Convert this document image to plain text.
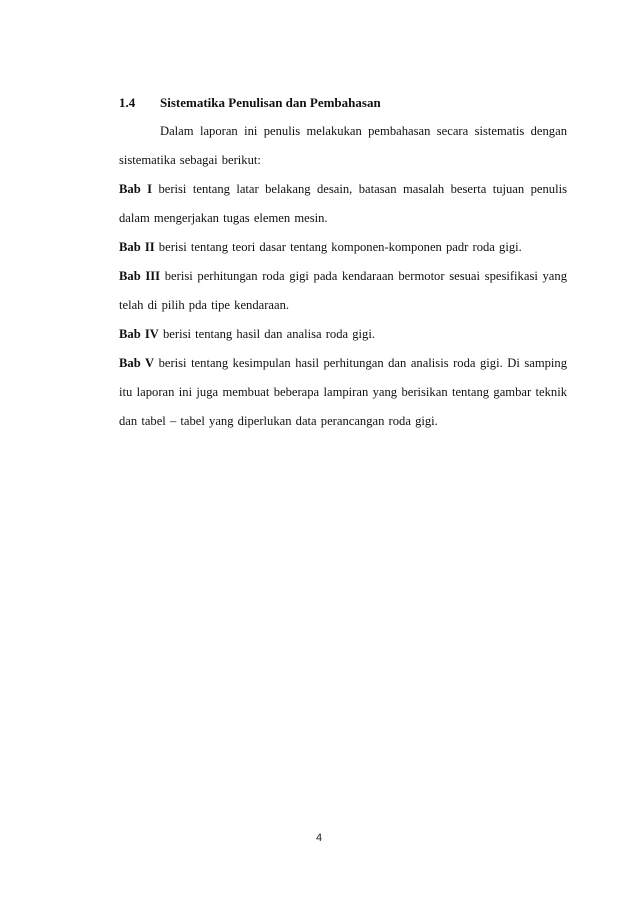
1.4 Sistematika Penulisan dan Pembahasan

Dalam laporan ini penulis melakukan pembahasan secara sistematis dengan sistematika sebagai berikut:

Bab I berisi tentang latar belakang desain, batasan masalah beserta tujuan penulis dalam mengerjakan tugas elemen mesin.

Bab II berisi tentang teori dasar tentang komponen-komponen padr roda gigi.

Bab III berisi perhitungan roda gigi pada kendaraan bermotor sesuai spesifikasi yang telah di pilih pda tipe kendaraan.

Bab IV berisi tentang hasil dan analisa roda gigi.

Bab V berisi tentang kesimpulan hasil perhitungan dan analisis roda gigi. Di samping itu laporan ini juga membuat beberapa lampiran yang berisikan tentang gambar teknik dan tabel – tabel yang diperlukan data perancangan roda gigi.

4
